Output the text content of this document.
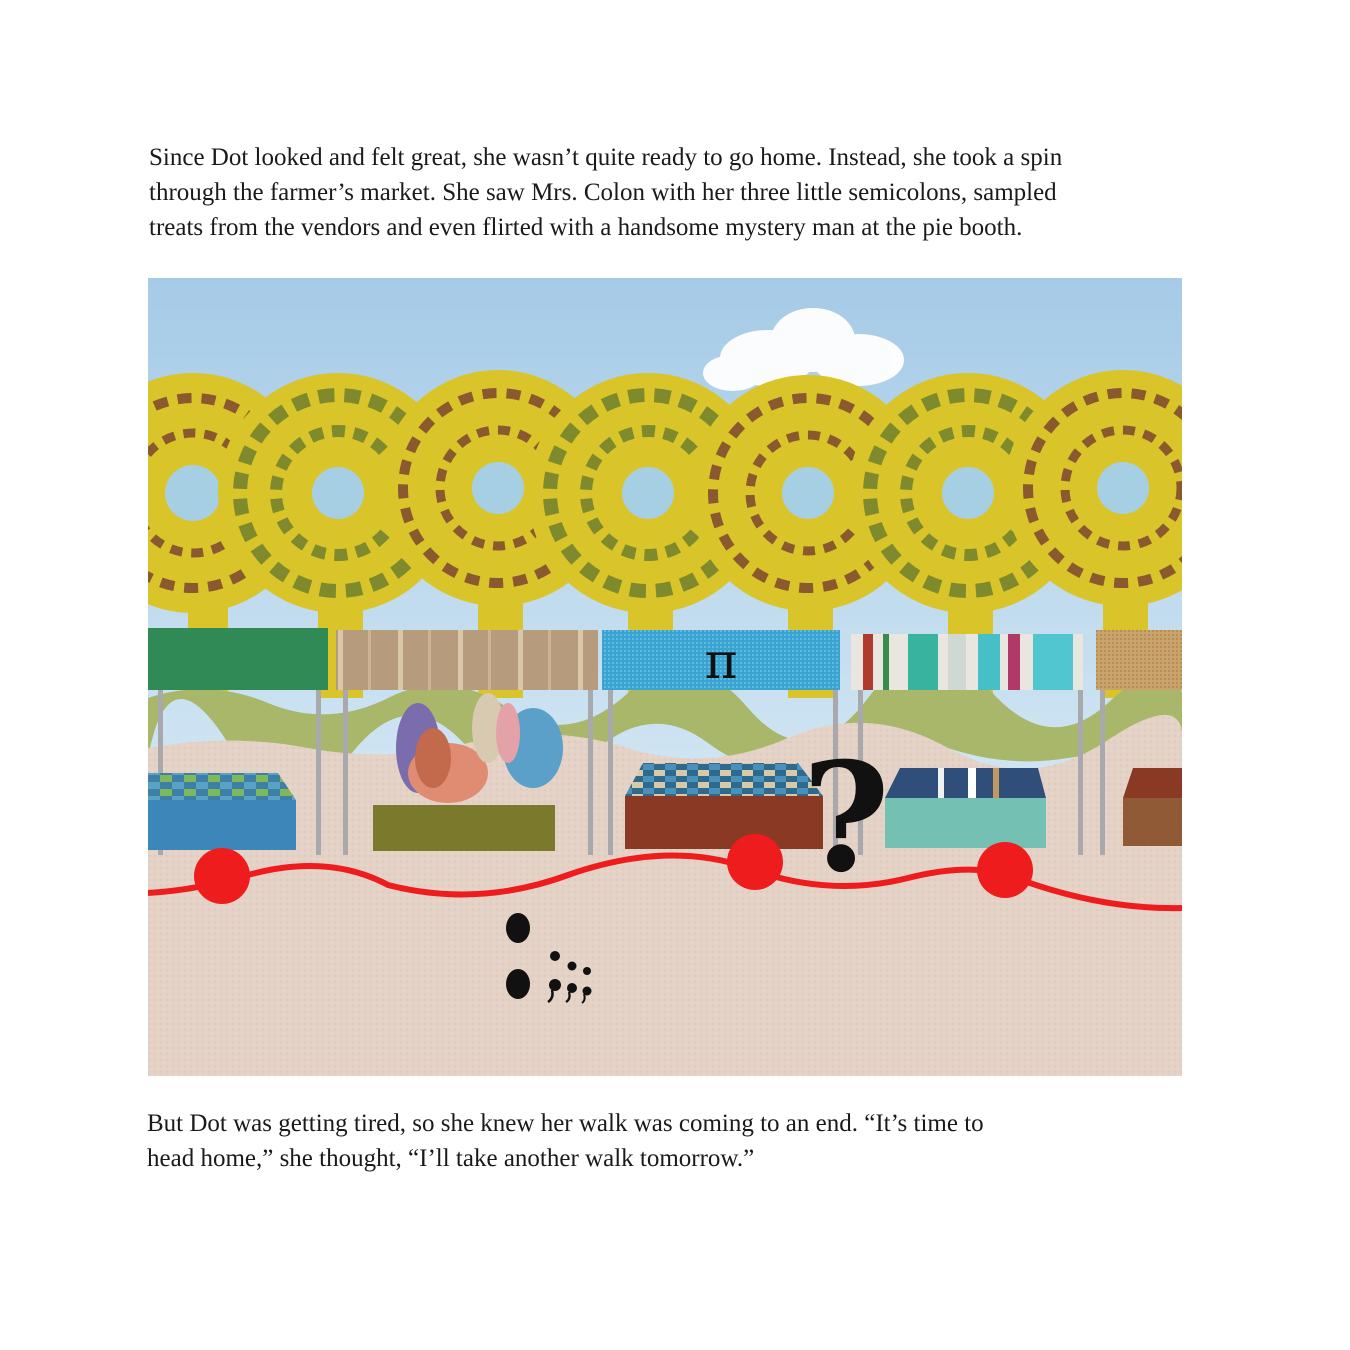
Since Dot looked and felt great, she wasn’t quite ready to go home. Instead, she took a spin
through the farmer’s market. She saw Mrs. Colon with her three little semicolons, sampled
treats from the vendors and even flirted with a handsome mystery man at the pie booth.
π
?
But Dot was getting tired, so she knew her walk was coming to an end. “It’s time to
head home,” she thought, “I’ll take another walk tomorrow.”
